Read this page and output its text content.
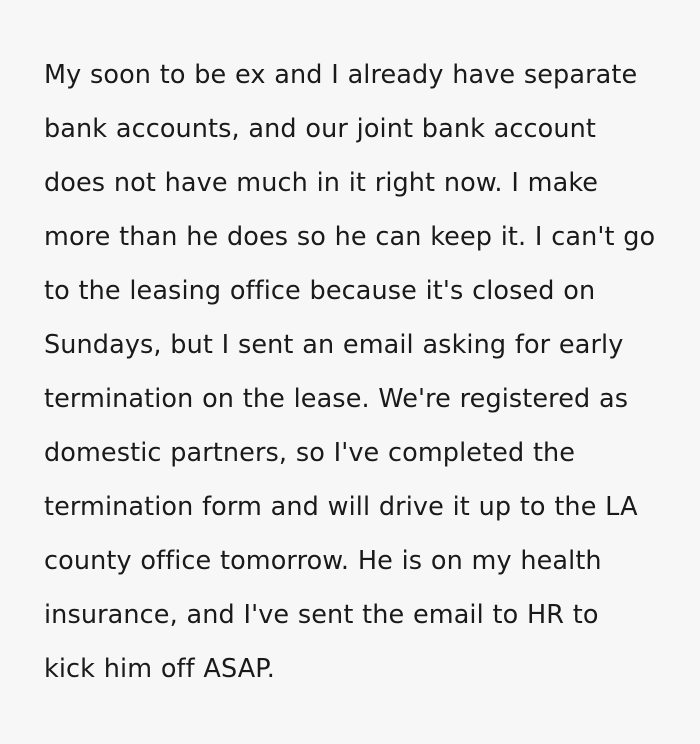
My soon to be ex and I already have separate bank accounts, and our joint bank account does not have much in it right now. I make more than he does so he can keep it. I can't go to the leasing office because it's closed on Sundays, but I sent an email asking for early termination on the lease. We're registered as domestic partners, so I've completed the termination form and will drive it up to the LA county office tomorrow. He is on my health insurance, and I've sent the email to HR to kick him off ASAP.
